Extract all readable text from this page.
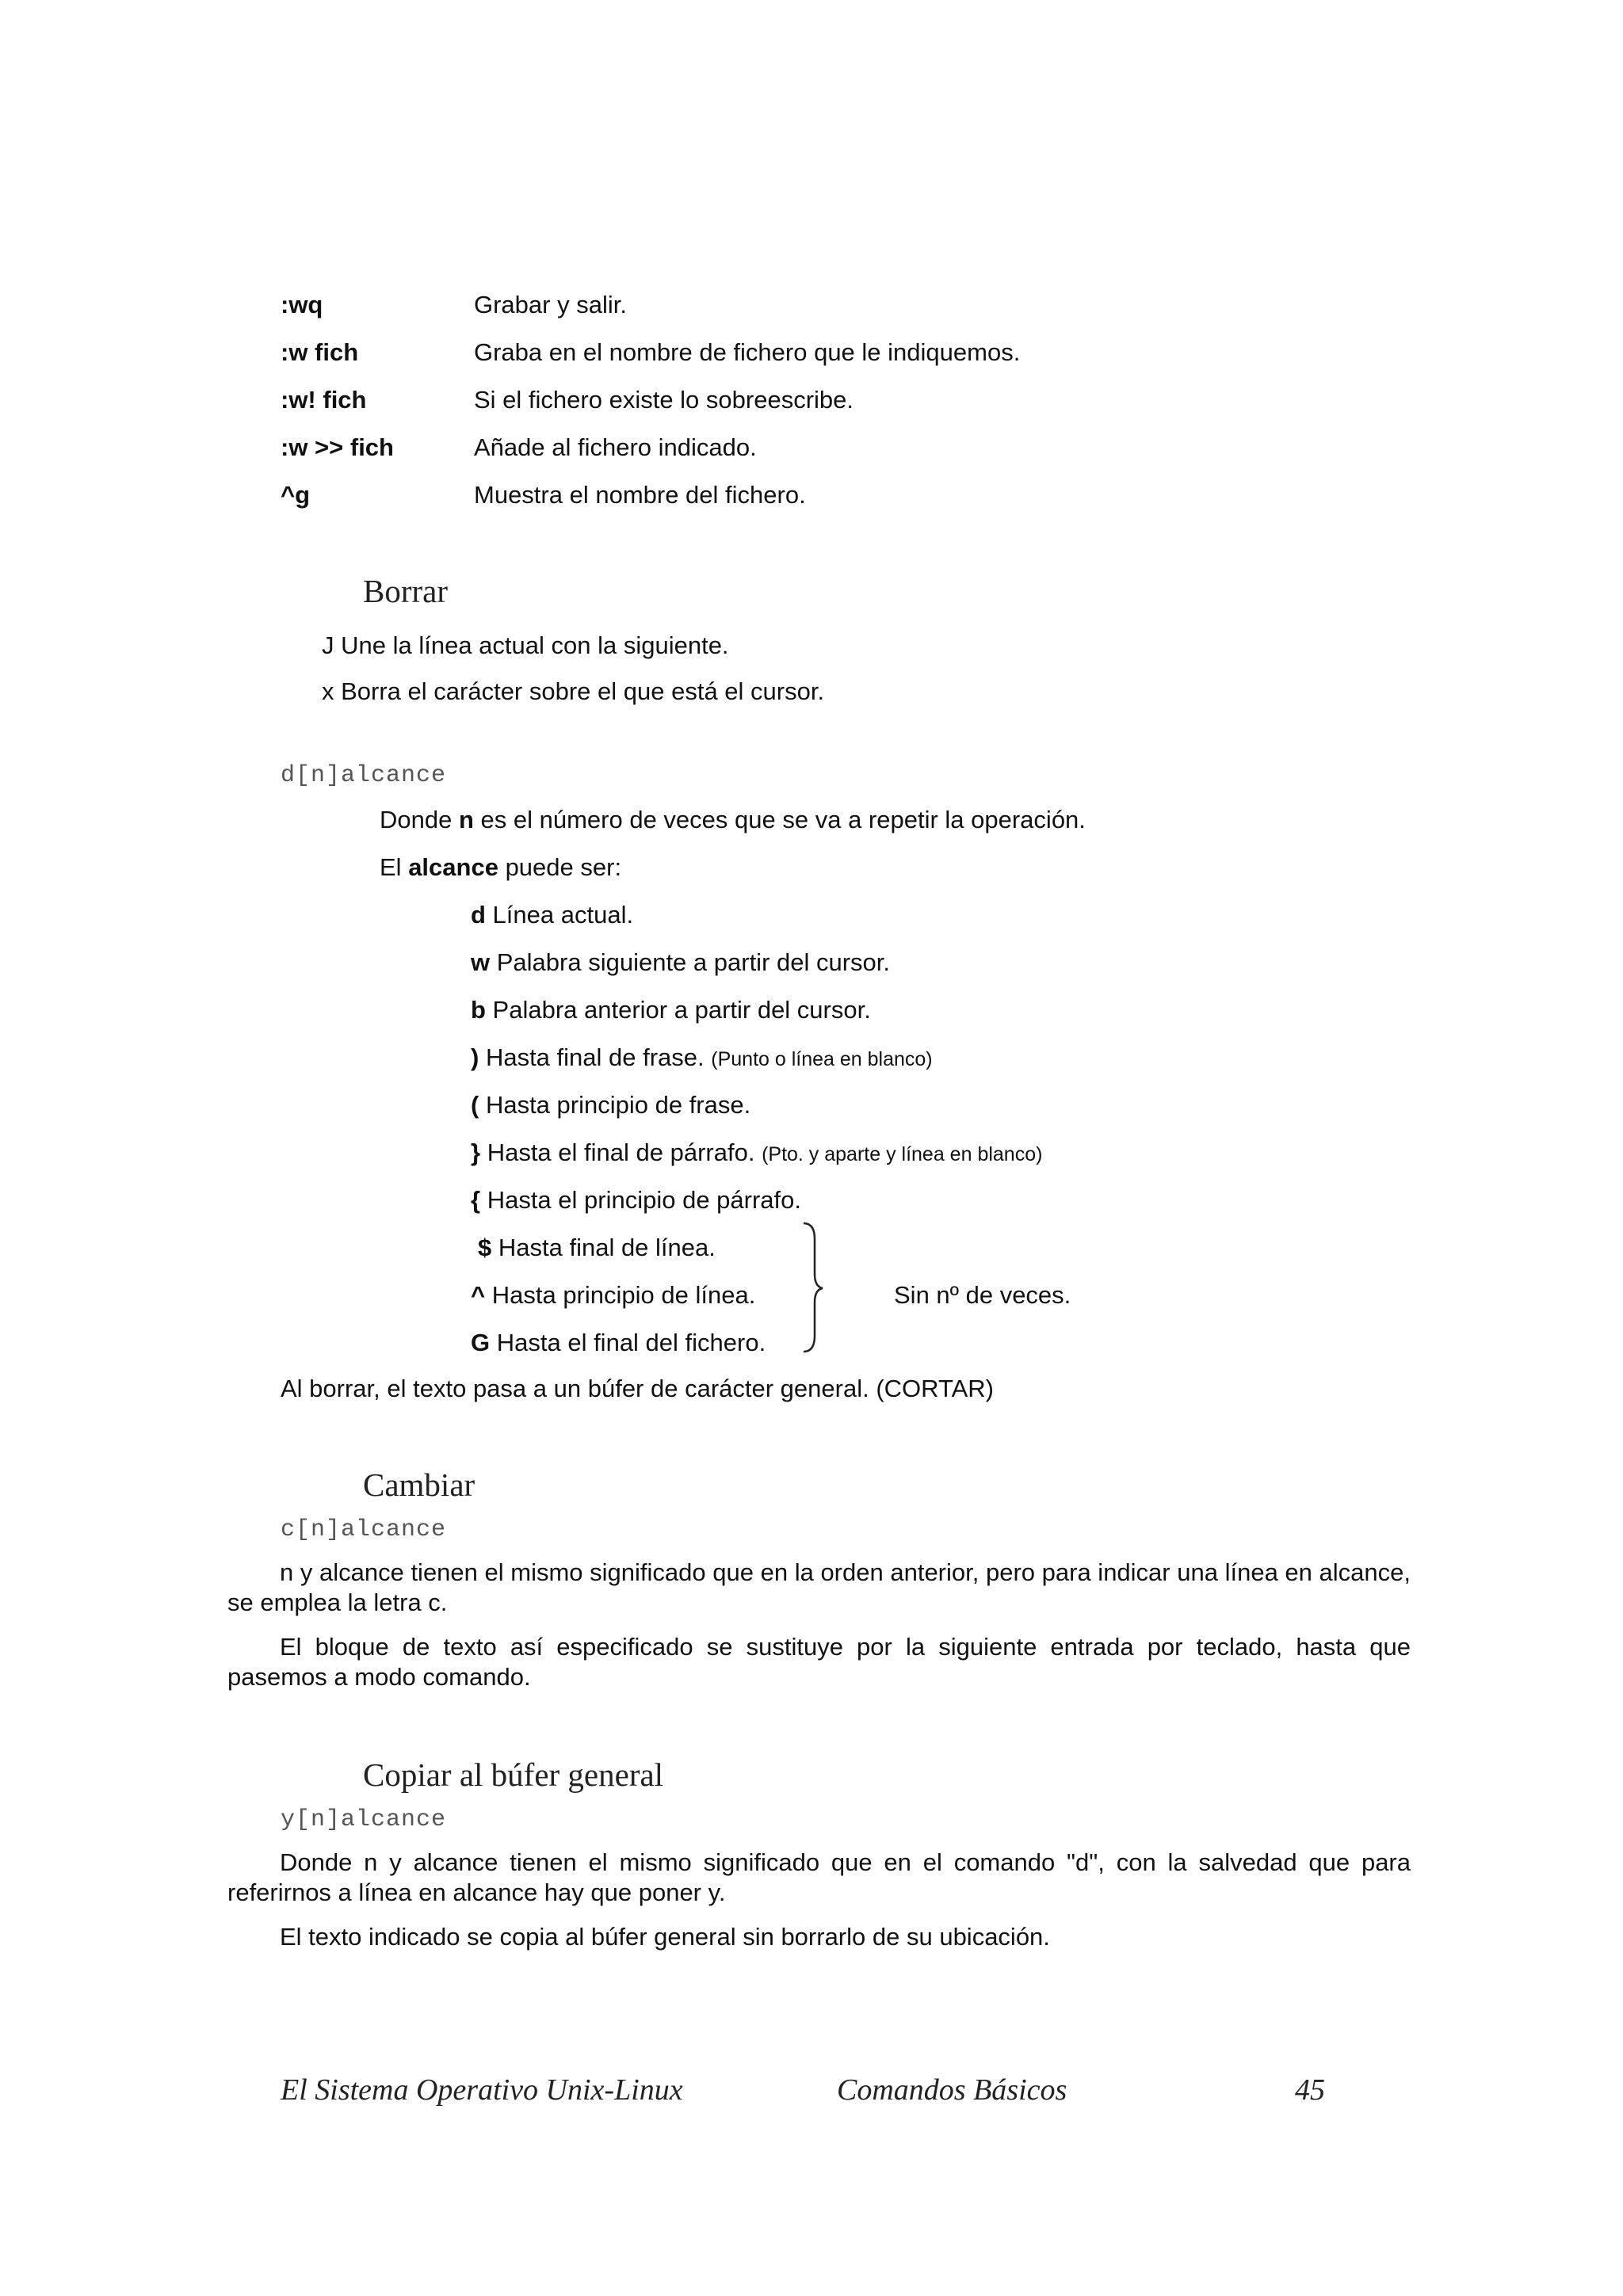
:wq	Grabar y salir.
:w fich	Graba en el nombre de fichero que le indiquemos.
:w! fich	Si el fichero existe lo sobreescribe.
:w >> fich	Añade al fichero indicado.
^g	Muestra el nombre del fichero.
Borrar
J Une la línea actual con la siguiente.
x Borra el carácter sobre el que está el cursor.
d[n]alcance
Donde n es el número de veces que se va a repetir la operación.
El alcance puede ser:
d Línea actual.
w Palabra siguiente a partir del cursor.
b Palabra anterior a partir del cursor.
) Hasta final de frase. (Punto o línea en blanco)
( Hasta principio de frase.
} Hasta el final de párrafo. (Pto. y aparte y línea en blanco)
{ Hasta el principio de párrafo.
$ Hasta final de línea.
^ Hasta principio de línea.
G Hasta el final del fichero.
Sin nº de veces.
Al borrar, el texto pasa a un búfer de carácter general. (CORTAR)
Cambiar
c[n]alcance
n y alcance tienen el mismo significado que en la orden anterior, pero para indicar una línea en alcance, se emplea la letra c.
El bloque de texto así especificado se sustituye por la siguiente entrada por teclado, hasta que pasemos a modo comando.
Copiar al búfer general
y[n]alcance
Donde n y alcance tienen el mismo significado que en el comando "d", con la salvedad que para referirnos a línea en alcance hay que poner y.
El texto indicado se copia al búfer general sin borrarlo de su ubicación.
El Sistema Operativo Unix-Linux	Comandos Básicos	45
